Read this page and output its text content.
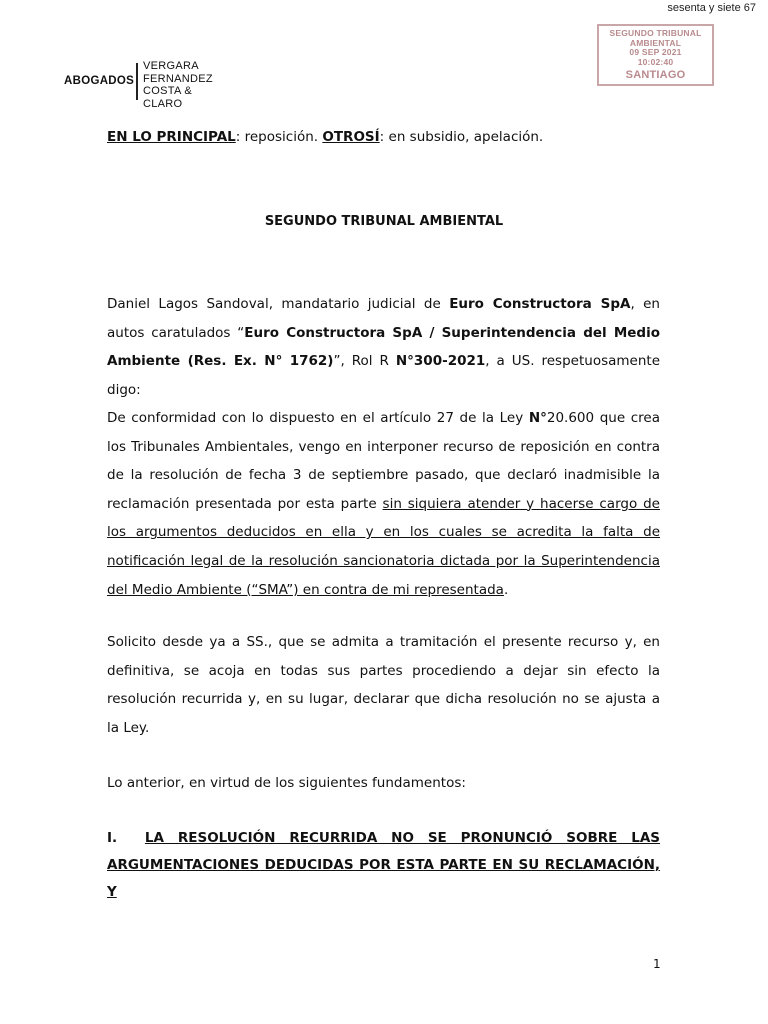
sesenta y siete 67
SEGUNDO TRIBUNAL
AMBIENTAL
09 SEP 2021
10:02:40
SANTIAGO
ABOGADOS
VERGARA
FERNANDEZ
COSTA & CLARO
EN LO PRINCIPAL: reposición. OTROSÍ: en subsidio, apelación.
SEGUNDO TRIBUNAL AMBIENTAL
Daniel Lagos Sandoval, mandatario judicial de Euro Constructora SpA, en autos caratulados “Euro Constructora SpA / Superintendencia del Medio Ambiente (Res. Ex. N° 1762)”, Rol R N°300-2021, a US. respetuosamente digo:
De conformidad con lo dispuesto en el artículo 27 de la Ley N°20.600 que crea los Tribunales Ambientales, vengo en interponer recurso de reposición en contra de la resolución de fecha 3 de septiembre pasado, que declaró inadmisible la reclamación presentada por esta parte sin siquiera atender y hacerse cargo de los argumentos deducidos en ella y en los cuales se acredita la falta de notificación legal de la resolución sancionatoria dictada por la Superintendencia del Medio Ambiente (“SMA”) en contra de mi representada.
Solicito desde ya a SS., que se admita a tramitación el presente recurso y, en definitiva, se acoja en todas sus partes procediendo a dejar sin efecto la resolución recurrida y, en su lugar, declarar que dicha resolución no se ajusta a la Ley.
Lo anterior, en virtud de los siguientes fundamentos:
I. LA RESOLUCIÓN RECURRIDA NO SE PRONUNCIÓ SOBRE LAS
ARGUMENTACIONES DEDUCIDAS POR ESTA PARTE EN SU RECLAMACIÓN, Y
1
